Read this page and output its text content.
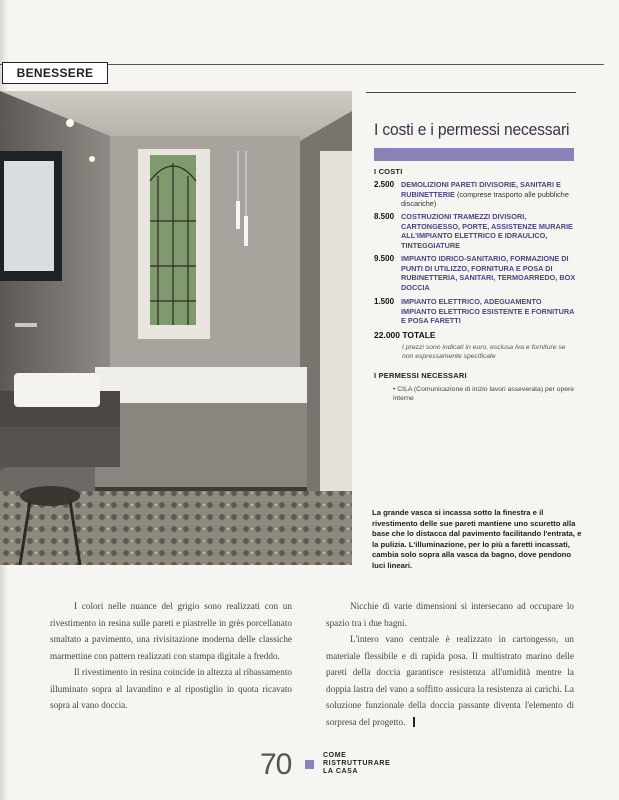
BENESSERE
I costi e i permessi necessari
I COSTI
2.500 DEMOLIZIONI PARETI DIVISORIE, SANITARI E RUBINETTERIE (comprese trasporto alle pubbliche discariche)
8.500 COSTRUZIONI TRAMEZZI DIVISORI, CARTONGESSO, PORTE, ASSISTENZE MURARIE ALL'IMPIANTO ELETTRICO E IDRAULICO, TINTEGGIATURE
9.500 IMPIANTO IDRICO-SANITARIO, FORMAZIONE DI PUNTI DI UTILIZZO, FORNITURA E POSA DI RUBINETTERIA, SANITARI, TERMOARREDO, BOX DOCCIA
1.500 IMPIANTO ELETTRICO, ADEGUAMENTO IMPIANTO ELETTRICO ESISTENTE E FORNITURA E POSA FARETTI
22.000 TOTALE
I prezzi sono indicati in euro, esclusa Iva e forniture se non espressamente specificate
I PERMESSI NECESSARI
• CILA (Comunicazione di inizio lavori asseverata) per opere interne
La grande vasca si incassa sotto la finestra e il rivestimento delle sue pareti mantiene uno scuretto alla base che lo distacca dal pavimento facilitando l'entrata, e la pulizia. L'illuminazione, per lo più a faretti incassati, cambia solo sopra alla vasca da bagno, dove pendono luci lineari.

I colori nelle nuance del grigio sono realizzati con un rivestimento in resina sulle pareti e piastrelle in grès porcellanato smaltato a pavimento, una rivisitazione moderna delle classiche marmettine con pattern realizzati con stampa digitale a freddo.

Il rivestimento in resina coincide in altezza al ribassamento illuminato sopra al lavandino e al ripostiglio in quota ricavato sopra al vano doccia.

Nicchie di varie dimensioni si intersecano ad occupare lo spazio tra i due bagni.

L'intero vano centrale è realizzato in cartongesso, un materiale flessibile e di rapida posa. Il multistrato marino delle pareti della doccia garantisce resistenza all'umidità mentre la doppia lastra del vano a soffitto assicura la resistenza ai carichi. La soluzione funzionale della doccia passante diventa l'elemento di sorpresa del progetto.

70	COME
RISTRUTTURARE
LA CASA
